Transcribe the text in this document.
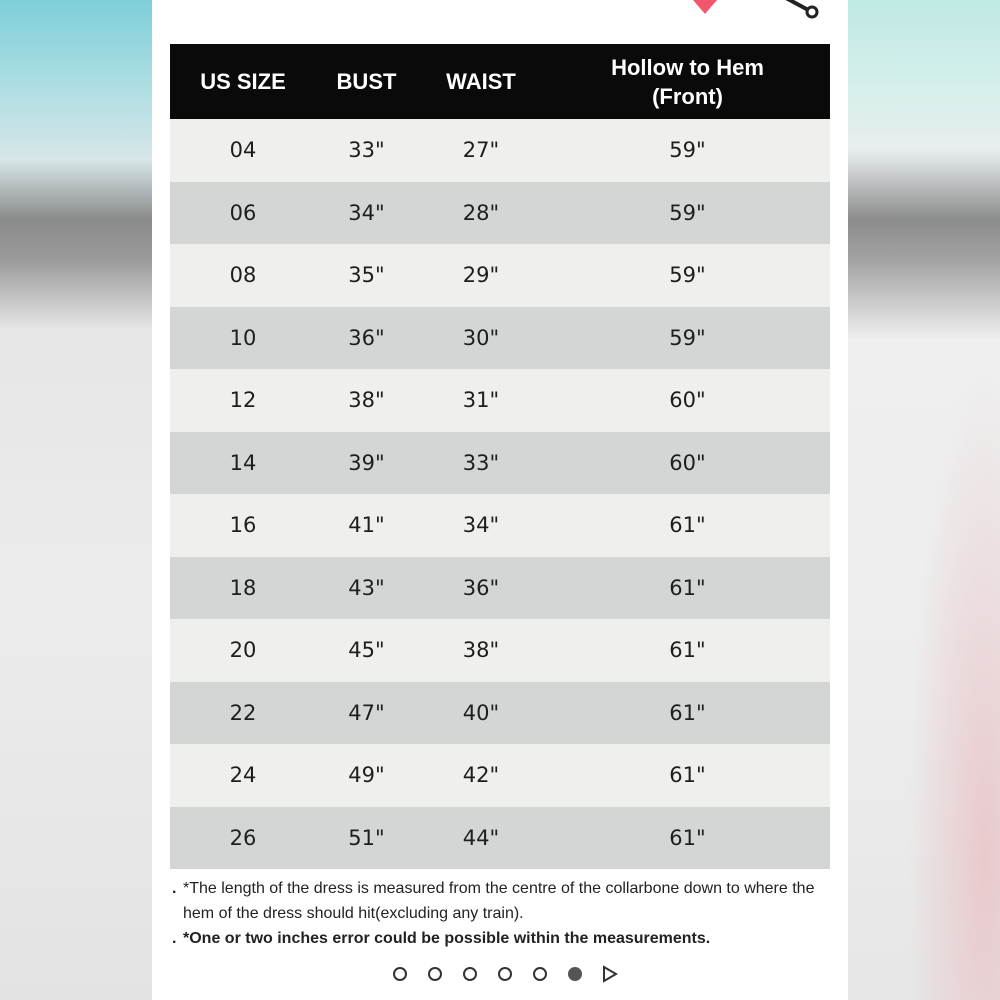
US SIZE	BUST	WAIST	Hollow to Hem
(Front)
04	33"	27"	59"
06	34"	28"	59"
08	35"	29"	59"
10	36"	30"	59"
12	38"	31"	60"
14	39"	33"	60"
16	41"	34"	61"
18	43"	36"	61"
20	45"	38"	61"
22	47"	40"	61"
24	49"	42"	61"
26	51"	44"	61"
. *The length of the dress is measured from the centre of the collarbone down to where the hem of the dress should hit(excluding any train).
. *One or two inches error could be possible within the measurements.
